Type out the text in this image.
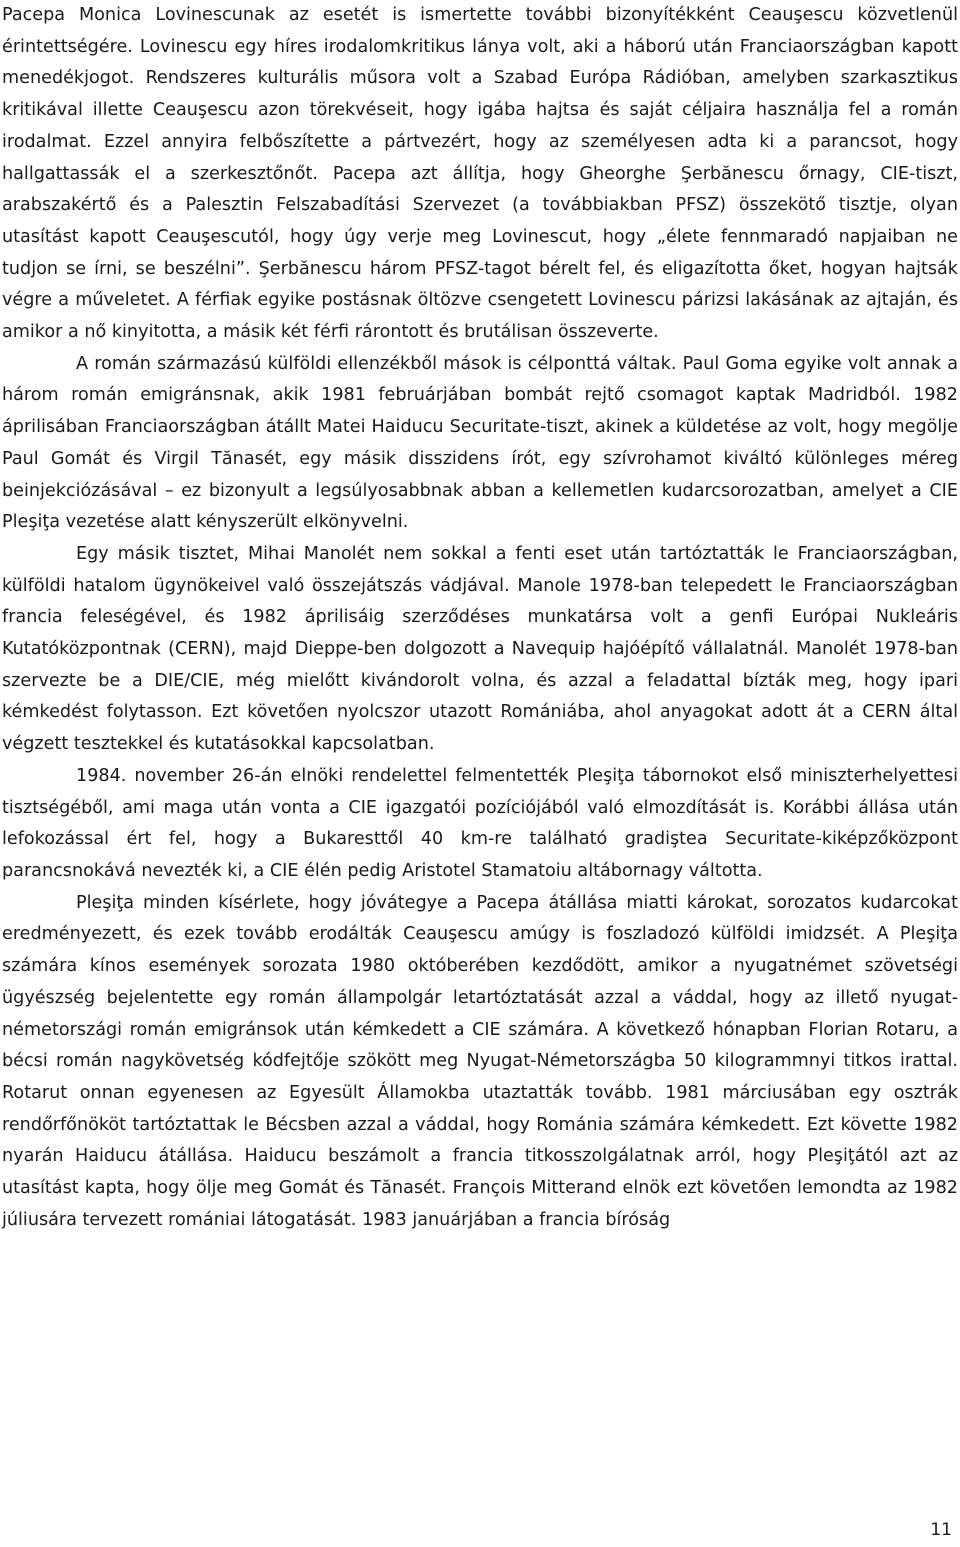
Pacepa Monica Lovinescunak az esetét is ismertette további bizonyítékként Ceauşescu közvetlenül érintettségére. Lovinescu egy híres irodalomkritikus lánya volt, aki a háború után Franciaországban kapott menedékjogot. Rendszeres kulturális műsora volt a Szabad Európa Rádióban, amelyben szarkasztikus kritikával illette Ceauşescu azon törekvéseit, hogy igába hajtsa és saját céljaira használja fel a román irodalmat. Ezzel annyira felbőszítette a pártvezért, hogy az személyesen adta ki a parancsot, hogy hallgattassák el a szerkesztőnőt. Pacepa azt állítja, hogy Gheorghe Şerbănescu őrnagy, CIE-tiszt, arabszakértő és a Palesztin Felszabadítási Szervezet (a továbbiakban PFSZ) összekötő tisztje, olyan utasítást kapott Ceauşescutól, hogy úgy verje meg Lovinescut, hogy „élete fennmaradó napjaiban ne tudjon se írni, se beszélni”. Şerbănescu három PFSZ-tagot bérelt fel, és eligazította őket, hogyan hajtsák végre a műveletet. A férfiak egyike postásnak öltözve csengetett Lovinescu párizsi lakásának az ajtaján, és amikor a nő kinyitotta, a másik két férfi rárontott és brutálisan összeverte.

A román származású külföldi ellenzékből mások is célponttá váltak. Paul Goma egyike volt annak a három román emigránsnak, akik 1981 februárjában bombát rejtő csomagot kaptak Madridból. 1982 áprilisában Franciaországban átállt Matei Haiducu Securitate-tiszt, akinek a küldetése az volt, hogy megölje Paul Gomát és Virgil Tănasét, egy másik disszidens írót, egy szívrohamot kiváltó különleges méreg beinjekciózásával – ez bizonyult a legsúlyosabbnak abban a kellemetlen kudarcsorozatban, amelyet a CIE Pleşiţa vezetése alatt kényszerült elkönyvelni.

Egy másik tisztet, Mihai Manolét nem sokkal a fenti eset után tartóztatták le Franciaországban, külföldi hatalom ügynökeivel való összejátszás vádjával. Manole 1978-ban telepedett le Franciaországban francia feleségével, és 1982 áprilisáig szerződéses munkatársa volt a genfi Európai Nukleáris Kutatóközpontnak (CERN), majd Dieppe-ben dolgozott a Navequip hajóépítő vállalatnál. Manolét 1978-ban szervezte be a DIE/CIE, még mielőtt kivándorolt volna, és azzal a feladattal bízták meg, hogy ipari kémkedést folytasson. Ezt követően nyolcszor utazott Romániába, ahol anyagokat adott át a CERN által végzett tesztekkel és kutatásokkal kapcsolatban.

1984. november 26-án elnöki rendelettel felmentették Pleşiţa tábornokot első miniszterhelyettesi tisztségéből, ami maga után vonta a CIE igazgatói pozíciójából való elmozdítását is. Korábbi állása után lefokozással ért fel, hogy a Bukaresttől 40 km-re található gradiştea Securitate-kiképzőközpont parancsnokává nevezték ki, a CIE élén pedig Aristotel Stamatoiu altábornagy váltotta.

Pleşiţa minden kísérlete, hogy jóvátegye a Pacepa átállása miatti károkat, sorozatos kudarcokat eredményezett, és ezek tovább erodálták Ceauşescu amúgy is foszladozó külföldi imidzsét. A Pleşiţa számára kínos események sorozata 1980 októberében kezdődött, amikor a nyugatnémet szövetségi ügyészség bejelentette egy román állampolgár letartóztatását azzal a váddal, hogy az illető nyugat-németországi román emigránsok után kémkedett a CIE számára. A következő hónapban Florian Rotaru, a bécsi román nagykövetség kódfejtője szökött meg Nyugat-Németországba 50 kilogrammnyi titkos irattal. Rotarut onnan egyenesen az Egyesült Államokba utaztatták tovább. 1981 márciusában egy osztrák rendőrfőnököt tartóztattak le Bécsben azzal a váddal, hogy Románia számára kémkedett. Ezt követte 1982 nyarán Haiducu átállása. Haiducu beszámolt a francia titkosszolgálatnak arról, hogy Pleşiţától azt az utasítást kapta, hogy ölje meg Gomát és Tănasét. François Mitterand elnök ezt követően lemondta az 1982 júliusára tervezett romániai látogatását. 1983 januárjában a francia bíróság

11
